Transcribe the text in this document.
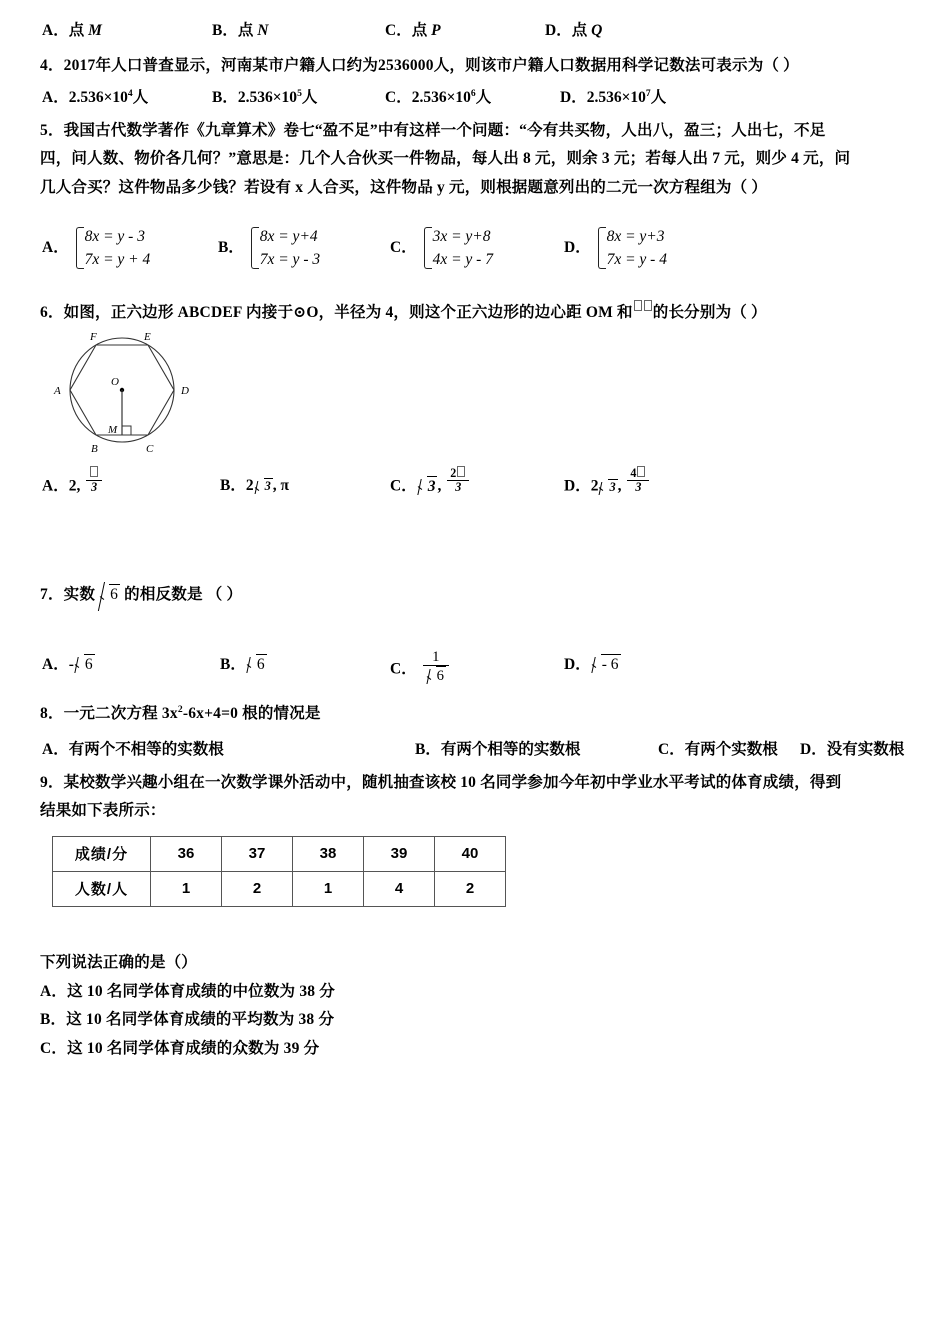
A．点 M	B．点 N	C．点 P	D．点 Q
4．2017年人口普查显示，河南某市户籍人口约为2536000人，则该市户籍人口数据用科学记数法可表示为（ ）
A．$2.536\times 10^4$人	B．$2.536\times 10^5$人	C．$2.536\times 10^6$人	D．$2.536\times 10^7$人
5．我国古代数学著作《九章算术》卷七“盈不足”中有这样一个问题：“今有共买物，人出八，盈三；人出七，不足
四，问人数、物价各几何？”意思是：几个人合伙买一件物品，每人出 8 元，则余 3 元；若每人出 7 元，则少 4 元，问
几人合买？这件物品多少钱？若设有 x 人合买，这件物品 y 元，则根据题意列出的二元一次方程组为（ ）
A．
8x = y - 3
7x = y + 4
B．
8x = y+4
7x = y - 3
C．
3x = y+8
4x = y - 7
D．
8x = y+3
7x = y - 4
6．如图，正六边形 ABCDEF 内接于⊙O，半径为 4，则这个正六边形的边心距 OM 和 的长分别为（ ）
A
B	C
D
E
F
O
M
A．2, 3	B．2 3 , π	C． 3 , $\frac{2}{3}$	D．2 3 , $\frac{4}{3}$
7．实数 6 的相反数是 （ ）
A．- 6	B． 6	C． $\frac{1}{6}$	D． - 6
8．一元二次方程 $3x^2-6x+4=0$ 根的情况是
A．有两个不相等的实数根	B．有两个相等的实数根	C．有两个实数根 D．没有实数根
9．某校数学兴趣小组在一次数学课外活动中，随机抽查该校 10 名同学参加今年初中学业水平考试的体育成绩，得到
结果如下表所示：
成绩/分	36	37	38	39	40
人数/人	1	2	1	4	2
下列说法正确的是（）
A．这 10 名同学体育成绩的中位数为 38 分
B．这 10 名同学体育成绩的平均数为 38 分
C．这 10 名同学体育成绩的众数为 39 分
